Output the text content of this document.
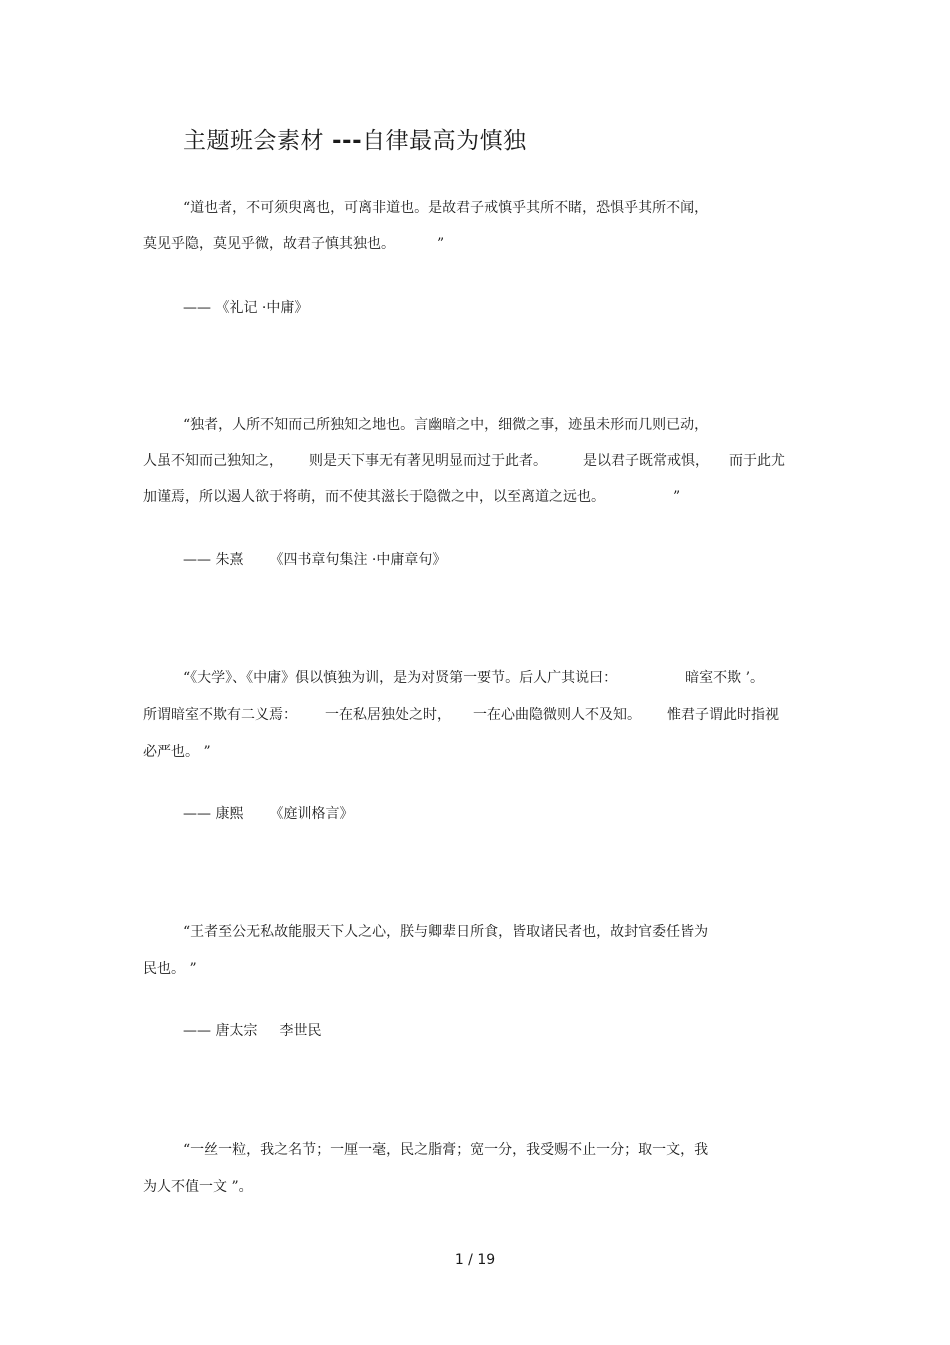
主题班会素材 ---自律最高为慎独

“道也者，不可须臾离也，可离非道也。是故君子戒慎乎其所不睹，恐惧乎其所不闻，

莫见乎隐，莫见乎微，故君子慎其独也。	”

—— 《礼记 ·中庸》

“独者，人所不知而己所独知之地也。言幽暗之中，细微之事，迹虽未形而几则已动，

人虽不知而己独知之， 则是天下事无有著见明显而过于此者。	是以君子既常戒惧， 而于此尤

加谨焉，所以遏人欲于将萌，而不使其滋长于隐微之中，以至离道之远也。	”

—— 朱熹 《四书章句集注 ·中庸章句》

“《大学》、《中庸》俱以慎独为训，是为对贤第一要节。后人广其说曰：	暗室不欺 ’。

所谓暗室不欺有二义焉： 一在私居独处之时， 一在心曲隐微则人不及知。 惟君子谓此时指视

必严也。 ”

—— 康熙 《庭训格言》

“王者至公无私故能服天下人之心，朕与卿辈日所食，皆取诸民者也，故封官委任皆为

民也。 ”

—— 唐太宗 李世民

“一丝一粒，我之名节；一厘一毫，民之脂膏；宽一分，我受赐不止一分；取一文，我

为人不值一文 ”。

1 / 19
